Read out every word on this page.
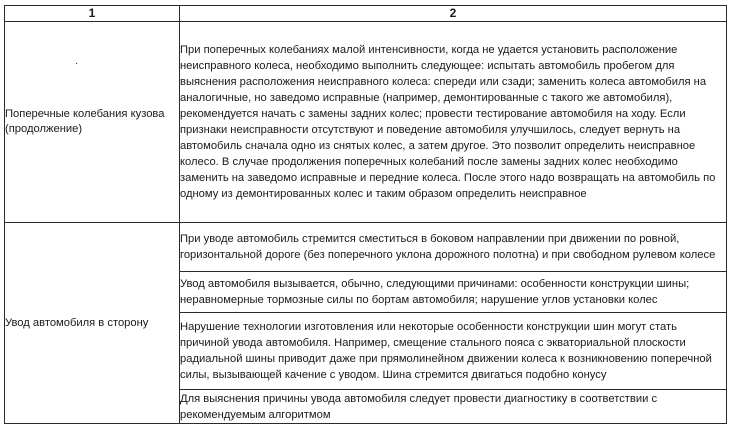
1	2

·
Поперечные колебания кузова (продолжение)	При поперечных колебаниях малой интенсивности, когда не удается установить расположение неисправного колеса, необходимо выполнить следующее: испытать автомобиль пробегом для выяснения расположения неисправного колеса: спереди или сзади; заменить колеса автомобиля на аналогичные, но заведомо исправные (например, демонтированные с такого же автомобиля), рекомендуется начать с замены задних колес; провести тестирование автомобиля на ходу. Если признаки неисправности отсутствуют и поведение автомобиля улучшилось, следует вернуть на автомобиль сначала одно из снятых колес, а затем другое. Это позволит определить неисправное колесо. В случае продолжения поперечных колебаний после замены задних колес необходимо заменить на заведомо исправные и передние колеса. После этого надо возвращать на автомобиль по одному из демонтированных колес и таким образом определить неисправное

Увод автомобиля в сторону	При уводе автомобиль стремится сместиться в боковом направлении при движении по ровной, горизонтальной дороге (без поперечного уклона дорожного полотна) и при свободном рулевом колесе

	Увод автомобиля вызывается, обычно, следующими причинами: особенности конструкции шины; неравномерные тормозные силы по бортам автомобиля; нарушение углов установки колес

	Нарушение технологии изготовления или некоторые особенности конструкции шин могут стать причиной увода автомобиля. Например, смещение стального пояса с экваториальной плоскости радиальной шины приводит даже при прямолинейном движении колеса к возникновению поперечной силы, вызывающей качение с уводом. Шина стремится двигаться подобно конусу

	Для выяснения причины увода автомобиля следует провести диагностику в соответствии с рекомендуемым алгоритмом
